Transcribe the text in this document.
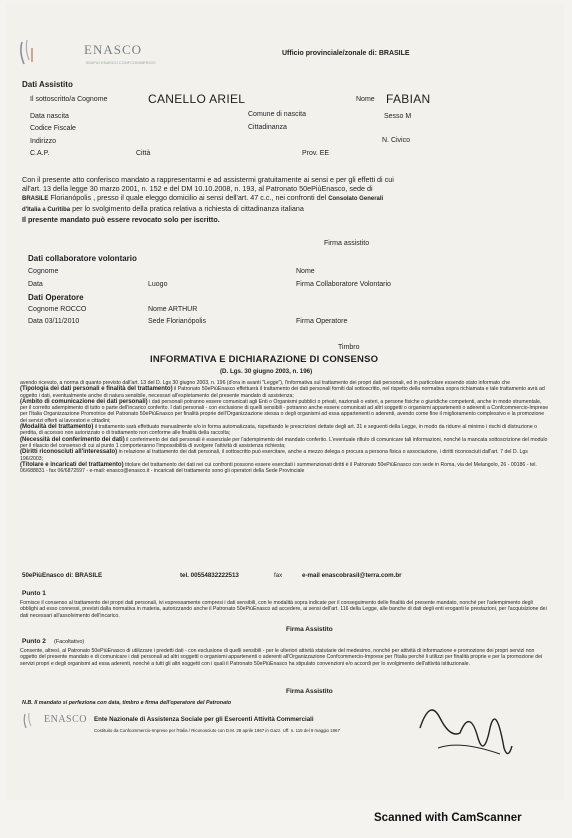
ENASCO
50&PIÙ ENASCO CONFCOMMERCIO
Ufficio provinciale/zonale di: BRASILE
Dati Assistito
Il sottoscritto/a Cognome	CANELLO ARIEL	Nome FABIAN
Data nascita	Comune di nascita	Sesso M
Codice Fiscale	Cittadinanza
Indirizzo	N. Civico
C.A.P.	Città	Prov. EE
Con il presente atto conferisco mandato a rappresentarmi e ad assistermi gratuitamente ai sensi e per gli effetti di cui
all'art. 13 della legge 30 marzo 2001, n. 152 e del DM 10.10.2008, n. 193, al Patronato 50ePiùEnasco, sede di
BRASILE Florianópolis , presso il quale eleggo domicilio ai sensi dell'art. 47 c.c., nei confronti del Consolato Generali
d'Italia a Curitiba per lo svolgimento della pratica relativa a richiesta di cittadinanza italiana
Il presente mandato può essere revocato solo per iscritto.
Firma assistito
Dati collaboratore volontario
Cognome	Nome
Data	Luogo	Firma Collaboratore Volontario
Dati Operatore
Cognome ROCCO	Nome ARTHUR
Data 03/11/2010	Sede Florianópolis	Firma Operatore
Timbro
INFORMATIVA E DICHIARAZIONE DI CONSENSO
(D. Lgs. 30 giugno 2003, n. 196)
avendo ricevuto, a norma di quanto previsto dall'art. 13 del D. Lgs 30 giugno 2003, n. 196 (d'ora in avanti "Legge"), l'informativa sul trattamento dei propri dati personali, ed in particolare essendo stato informato che
(Tipologia dei dati personali e finalità del trattamento) il Patronato 50ePiùEnasco effettuerà il trattamento dei dati personali forniti dal sottoscritto, nel rispetto della normativa sopra richiamata e tale trattamento avrà ad oggetto i dati, eventualmente anche di natura sensibile, necessari all'espletamento del presente mandato di assistenza;
(Ambito di comunicazione dei dati personali) i dati personali potranno essere comunicati agli Enti o Organismi pubblici o privati, nazionali o esteri, a persone fisiche o giuridiche competenti, anche in modo strumentale, per il corretto adempimento di tutto o parte dell'incarico conferito. I dati personali - con esclusione di quelli sensibili - potranno anche essere comunicati ad altri soggetti o organismi appartenenti o aderenti a Confcommercio-Imprese per l'Italia Organizzazione Promotrice del Patronato 50ePiùEnasco per finalità proprie dell'Organizzazione stessa o degli organismi ad essa appartenenti o aderenti, avendo come fine il miglioramento complessivo e la promozione dei servizi offerti ai lavoratori e cittadini;
(Modalità del trattamento) il trattamento sarà effettuato manualmente e/o in forma automatizzata, rispettando le prescrizioni dettate degli art. 31 e seguenti della Legge, in modo da ridurre al minimo i rischi di distruzione o perdita, di accesso non autorizzato o di trattamento non conforme alle finalità della raccolta;
(Necessità del conferimento dei dati) il conferimento dei dati personali è essenziale per l'adempimento del mandato conferito. L'eventuale rifiuto di comunicare tali informazioni, nonché la mancata sottoscrizione del modulo per il rilascio del consenso di cui al punto 1 comporteranno l'impossibilità di svolgere l'attività di assistenza richiesta;
(Diritti riconosciuti all'interessato) in relazione al trattamento dei dati personali, il sottoscritto può esercitare, anche a mezzo delega o procura a persona fisica o associazione, i diritti riconosciuti dall'art. 7 del D. Lgs 196/2003;
(Titolare e incaricati del trattamento) titolare del trattamento dei dati nei cui confronti possono essere esercitati i summenzionati diritti è il Patronato 50ePiùEnasco con sede in Roma, via del Melangolo, 26 - 00186 - tel. 06/688831 - fax 06/6872597 - e-mail: enasco@enasco.it - incaricati del trattamento sono gli operatori della Sede Provinciale
50ePiùEnasco di: BRASILE	tel. 00554832222513	fax	e-mail enascobrasil@terra.com.br
Punto 1
Fornisce il consenso al trattamento dei propri dati personali, ivi espressamente compresi i dati sensibili, con le modalità sopra indicate per il conseguimento delle finalità del presente mandato, nonché per l'adempimento degli obblighi ad esso connessi, previsti dalla normativa in materia, autorizzando anche il Patronato 50ePiùEnasco ad accedere, ai sensi dell'art. 116 della Legge, alle banche di dati degli enti eroganti le prestazioni, per l'acquisizione dei dati necessari all'assolvimento dell'incarico.
Firma Assistito
Punto 2 (Facoltativo)
Consente, altresì, al Patronato 50ePiùEnasco di utilizzare i predetti dati - con esclusione di quelli sensibili - per le ulteriori attività statutarie del medesimo, nonché per attività di informazione e promozione dei propri servizi non oggetto del presente mandato e di comunicare i dati personali ad altri soggetti o organismi appartenenti o aderenti all'Organizzazione Confcommercio-Imprese per l'Italia perché li utilizzi per finalità proprie e per la promozione dei servizi propri e degli organismi ad essa aderenti, nonché a tutti gli altri soggetti con i quali il Patronato 50ePiùEnasco ha stipulato convenzioni e/o accordi per lo svolgimento dell'attività istituzionale.
Firma Assistito
N.B. Il mandato si perfeziona con data, timbro e firma dell'operatore del Patronato
ENASCO Ente Nazionale di Assistenza Sociale per gli Esercenti Attività Commerciali
Costituito da Confcommercio-Imprese per l'Italia / Riconosciuto con D.M. 28 aprile 1967 in Gazz. Uff. n. 115 del 9 maggio 1967
Scanned with CamScanner
